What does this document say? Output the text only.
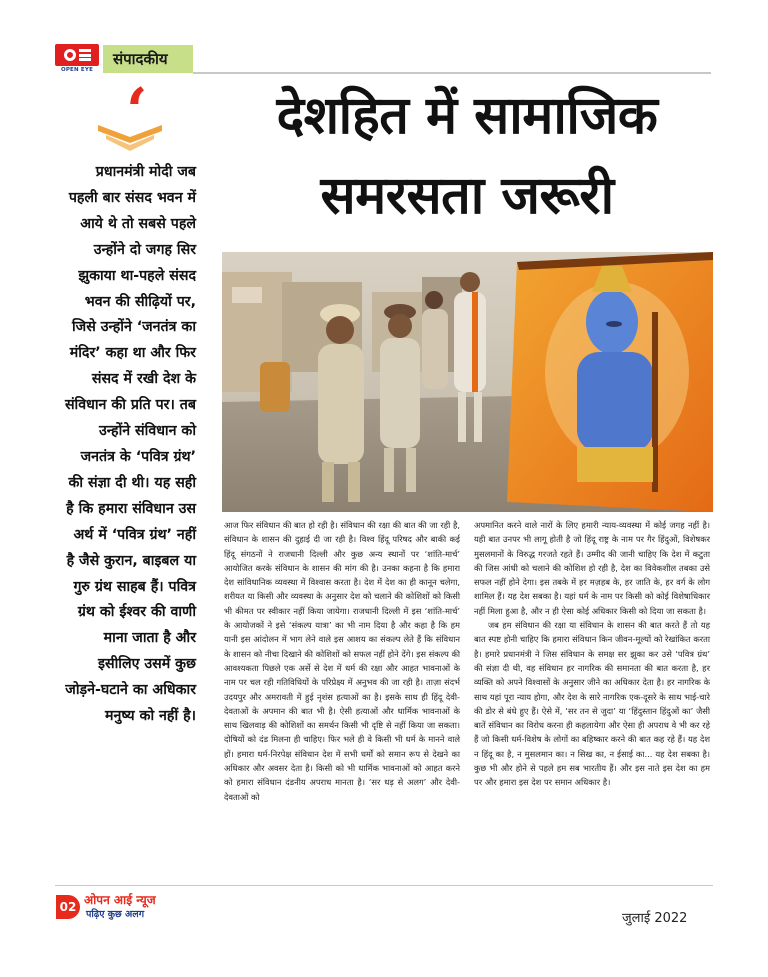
OPEN EYE
संपादकीय
‘
प्रधानमंत्री मोदी जब पहली बार संसद भवन में आये थे तो सबसे पहले उन्होंने दो जगह सिर झुकाया था-पहले संसद भवन की सीढ़ियों पर, जिसे उन्होंने ‘जनतंत्र का मंदिर’ कहा था और फिर संसद में रखी देश के संविधान की प्रति पर। तब उन्होंने संविधान को जनतंत्र के ‘पवित्र ग्रंथ’ की संज्ञा दी थी। यह सही है कि हमारा संविधान उस अर्थ में ‘पवित्र ग्रंथ’ नहीं है जैसे कुरान, बाइबल या गुरु ग्रंथ साहब हैं। पवित्र ग्रंथ को ईश्वर की वाणी माना जाता है और इसीलिए उसमें कुछ जोड़ने-घटाने का अधिकार मनुष्य को नहीं है।
देशहित में सामाजिक
समरसता जरूरी

आज फिर संविधान की बात हो रही है। संविधान की रक्षा की बात की जा रही है, संविधान के शासन की दुहाई दी जा रही है। विश्व हिंदू परिषद और बाकी कई हिंदू संगठनों ने राजधानी दिल्ली और कुछ अन्य स्थानों पर ‘शांति-मार्च’ आयोजित करके संविधान के शासन की मांग की है। उनका कहना है कि हमारा देश सांविधानिक व्यवस्था में विश्वास करता है। देश में देश का ही कानून चलेगा, शरीयत या किसी और व्यवस्था के अनुसार देश को चलाने की कोशिशों को किसी भी कीमत पर स्वीकार नहीं किया जायेगा। राजधानी दिल्ली में इस ‘शांति-मार्च’ के आयोजकों ने इसे ‘संकल्प यात्रा’ का भी नाम दिया है और कहा है कि हम यानी इस आंदोलन में भाग लेने वाले इस आशय का संकल्प लेते हैं कि संविधान के शासन को नीचा दिखाने की कोशिशों को सफल नहीं होने देंगे। इस संकल्प की आवश्यकता पिछले एक अर्से से देश में धर्म की रक्षा और आहत भावनाओं के नाम पर चल रही गतिविधियों के परिप्रेक्ष्य में अनुभव की जा रही है। ताज़ा संदर्भ उदयपुर और अमरावती में हुई नृशंस हत्याओं का है। इसके साथ ही हिंदू देवी-देवताओं के अपमान की बात भी है। ऐसी हत्याओं और धार्मिक भावनाओं के साथ खिलवाड़ की कोशिशों का समर्थन किसी भी दृष्टि से नहीं किया जा सकता। दोषियों को दंड मिलना ही चाहिए। फिर भले ही वे किसी भी धर्म के मानने वाले हों। हमारा धर्म-निरपेक्ष संविधान देश में सभी धर्मों को समान रूप से देखने का अधिकार और अवसर देता है। किसी को भी धार्मिक भावनाओं को आहत करने को हमारा संविधान दंडनीय अपराध मानता है। ‘सर धड़ से अलग’ और देवी-देवताओं को

अपमानित करने वाले नारों के लिए हमारी न्याय-व्यवस्था में कोई जगह नहीं है। यही बात उनपर भी लागू होती है जो हिंदू राष्ट्र के नाम पर गैर हिंदुओं, विशेषकर मुसलमानों के विरुद्ध गरजते रहते हैं। उम्मीद की जानी चाहिए कि देश में कटुता की जिस आंधी को चलाने की कोशिश हो रही है, देश का विवेकशील तबका उसे सफल नहीं होने देगा। इस तबके में हर मज़हब के, हर जाति के, हर वर्ग के लोग शामिल हैं। यह देश सबका है। यहां धर्म के नाम पर किसी को कोई विशेषाधिकार नहीं मिला हुआ है, और न ही ऐसा कोई अधिकार किसी को दिया जा सकता है।

जब हम संविधान की रक्षा या संविधान के शासन की बात करते हैं तो यह बात स्पष्ट होनी चाहिए कि हमारा संविधान किन जीवन-मूल्यों को रेखांकित करता है। हमारे प्रधानमंत्री ने जिस संविधान के समक्ष सर झुका कर उसे ‘पवित्र ग्रंथ’ की संज्ञा दी थी, वह संविधान हर नागरिक की समानता की बात करता है, हर व्यक्ति को अपने विश्वासों के अनुसार जीने का अधिकार देता है। हर नागरिक के साथ यहां पूरा न्याय होगा, और देश के सारे नागरिक एक-दूसरे के साथ भाई-चारे की डोर से बंधे हुए हैं। ऐसे में, ‘सर तन से जुदा’ या ‘हिंदुस्तान हिंदुओं का’ जैसी बातें संविधान का विरोध करना ही कहलायेगा और ऐसा ही अपराध वे भी कर रहे हैं जो किसी धर्म-विशेष के लोगों का बहिष्कार करने की बात कह रहे हैं। यह देश न हिंदू का है, न मुसलमान का। न सिख का, न ईसाई का... यह देश सबका है। कुछ भी और होने से पहले हम सब भारतीय हैं। और इस नाते इस देश का हम पर और हमारा इस देश पर समान अधिकार है।

02 ओपन आई न्यूज
पढ़िए कुछ अलग	जुलाई 2022
